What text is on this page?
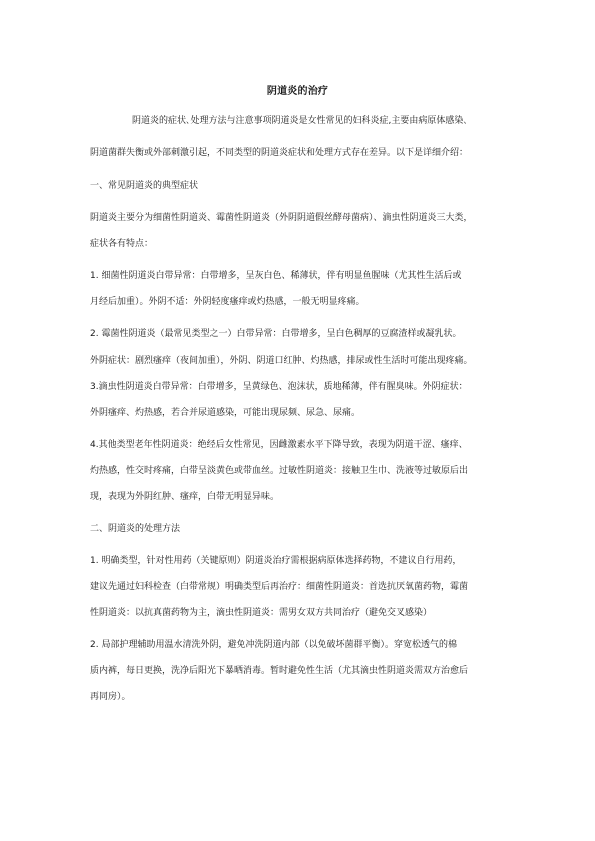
阴道炎的治疗
阴道炎的症状､处理方法与注意事项阴道炎是女性常见的妇科炎症,主要由病原体感染､
阴道菌群失衡或外部刺激引起，不同类型的阴道炎症状和处理方式存在差异。以下是详细介绍：
一、常见阴道炎的典型症状
阴道炎主要分为细菌性阴道炎、霉菌性阴道炎（外阴阴道假丝酵母菌病）、滴虫性阴道炎三大类，
症状各有特点：
1. 细菌性阴道炎白带异常：白带增多，呈灰白色、稀薄状，伴有明显鱼腥味（尤其性生活后或
月经后加重）。外阴不适：外阴轻度瘙痒或灼热感，一般无明显疼痛。
2. 霉菌性阴道炎（最常见类型之一）白带异常：白带增多，呈白色稠厚的豆腐渣样或凝乳状。
外阴症状：剧烈瘙痒（夜间加重），外阴、阴道口红肿、灼热感，排尿或性生活时可能出现疼痛。
3.滴虫性阴道炎白带异常：白带增多，呈黄绿色、泡沫状，质地稀薄，伴有腥臭味。外阴症状：
外阴瘙痒、灼热感，若合并尿道感染，可能出现尿频、尿急、尿痛。
4.其他类型老年性阴道炎：绝经后女性常见，因雌激素水平下降导致，表现为阴道干涩、瘙痒、
灼热感，性交时疼痛，白带呈淡黄色或带血丝。过敏性阴道炎：接触卫生巾、洗液等过敏原后出
现，表现为外阴红肿、瘙痒，白带无明显异味。
二、阴道炎的处理方法
1. 明确类型，针对性用药（关键原则）阴道炎治疗需根据病原体选择药物，不建议自行用药，
建议先通过妇科检查（白带常规）明确类型后再治疗：细菌性阴道炎：首选抗厌氧菌药物，霉菌
性阴道炎：以抗真菌药物为主，滴虫性阴道炎：需男女双方共同治疗（避免交叉感染）
2. 局部护理辅助用温水清洗外阴，避免冲洗阴道内部（以免破坏菌群平衡）。穿宽松透气的棉
质内裤，每日更换，洗净后阳光下暴晒消毒。暂时避免性生活（尤其滴虫性阴道炎需双方治愈后
再同房）。
